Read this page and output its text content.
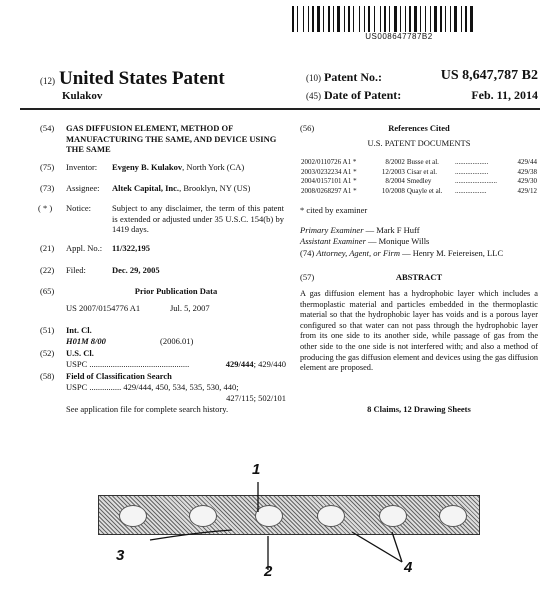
US008647787B2
(12) United States Patent
Kulakov
(10) Patent No.:	US 8,647,787 B2
(45) Date of Patent:	Feb. 11, 2014
(54) GAS DIFFUSION ELEMENT, METHOD OF MANUFACTURING THE SAME, AND DEVICE USING THE SAME
(75) Inventor: Evgeny B. Kulakov, North York (CA)
(73) Assignee: Altek Capital, Inc., Brooklyn, NY (US)
( * ) Notice: Subject to any disclaimer, the term of this patent is extended or adjusted under 35 U.S.C. 154(b) by 1419 days.
(21) Appl. No.: 11/322,195
(22) Filed:	Dec. 29, 2005
(65)	Prior Publication Data
US 2007/0154776 A1	Jul. 5, 2007
(51) Int. Cl.
H01M 8/00	(2006.01)
(52) U.S. Cl.
USPC ...............................................	429/444; 429/440
(58) Field of Classification Search
USPC ............... 429/444, 450, 534, 535, 530, 440;
427/115; 502/101
See application file for complete search history.
(56)	References Cited
U.S. PATENT DOCUMENTS
2002/0110726 A1 *	8/2002	Busse et al.	...................	429/44
2003/0232234 A1 *	12/2003	Cisar et al.	...................	429/38
2004/0157101 A1 *	8/2004	Smedley	........................	429/30
2008/0268297 A1 *	10/2008	Quayle et al.	..................	429/12
* cited by examiner
Primary Examiner — Mark F Huff
Assistant Examiner — Monique Wills
(74) Attorney, Agent, or Firm — Henry M. Feiereisen, LLC
(57)	ABSTRACT
A gas diffusion element has a hydrophobic layer which includes a thermoplastic material and particles embedded in the thermoplastic material so that the hydrophobic layer has voids and is a porous layer configured so that water can not pass through the hydrophobic layer from its one side to its another side, while passage of gas from the other side to the one side is not interfered with; and also a method of producing the gas diffusion element and devices using the gas diffusion element are proposed.
8 Claims, 12 Drawing Sheets
1
2
3
4
